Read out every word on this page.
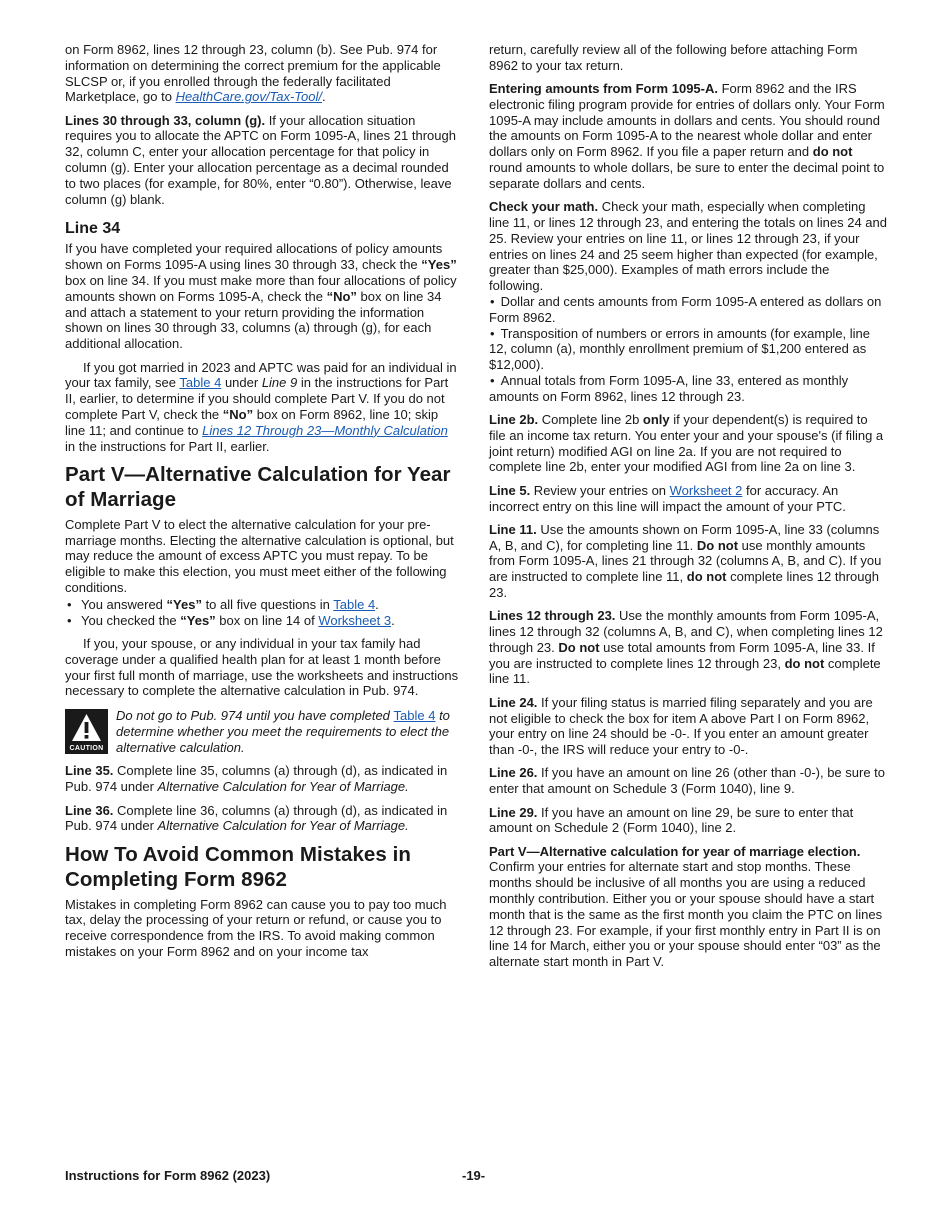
on Form 8962, lines 12 through 23, column (b). See Pub. 974 for information on determining the correct premium for the applicable SLCSP or, if you enrolled through the federally facilitated Marketplace, go to HealthCare.gov/Tax-Tool/.

Lines 30 through 33, column (g). If your allocation situation requires you to allocate the APTC on Form 1095-A, lines 21 through 32, column C, enter your allocation percentage for that policy in column (g). Enter your allocation percentage as a decimal rounded to two places (for example, for 80%, enter “0.80”). Otherwise, leave column (g) blank.

Line 34

If you have completed your required allocations of policy amounts shown on Forms 1095-A using lines 30 through 33, check the “Yes” box on line 34. If you must make more than four allocations of policy amounts shown on Forms 1095-A, check the “No” box on line 34 and attach a statement to your return providing the information shown on lines 30 through 33, columns (a) through (g), for each additional allocation.

If you got married in 2023 and APTC was paid for an individual in your tax family, see Table 4 under Line 9 in the instructions for Part II, earlier, to determine if you should complete Part V. If you do not complete Part V, check the “No” box on Form 8962, line 10; skip line 11; and continue to Lines 12 Through 23—Monthly Calculation in the instructions for Part II, earlier.

Part V—Alternative Calculation for Year of Marriage

Complete Part V to elect the alternative calculation for your pre-marriage months. Electing the alternative calculation is optional, but may reduce the amount of excess APTC you must repay. To be eligible to make this election, you must meet either of the following conditions.

• You answered “Yes” to all five questions in Table 4.
• You checked the “Yes” box on line 14 of Worksheet 3.

If you, your spouse, or any individual in your tax family had coverage under a qualified health plan for at least 1 month before your first full month of marriage, use the worksheets and instructions necessary to complete the alternative calculation in Pub. 974.

CAUTION

Do not go to Pub. 974 until you have completed Table 4 to determine whether you meet the requirements to elect the alternative calculation.

Line 35. Complete line 35, columns (a) through (d), as indicated in Pub. 974 under Alternative Calculation for Year of Marriage.

Line 36. Complete line 36, columns (a) through (d), as indicated in Pub. 974 under Alternative Calculation for Year of Marriage.

How To Avoid Common Mistakes in Completing Form 8962

Mistakes in completing Form 8962 can cause you to pay too much tax, delay the processing of your return or refund, or cause you to receive correspondence from the IRS. To avoid making common mistakes on your Form 8962 and on your income tax

return, carefully review all of the following before attaching Form 8962 to your tax return.

Entering amounts from Form 1095-A. Form 8962 and the IRS electronic filing program provide for entries of dollars only. Your Form 1095-A may include amounts in dollars and cents. You should round the amounts on Form 1095-A to the nearest whole dollar and enter dollars only on Form 8962. If you file a paper return and do not round amounts to whole dollars, be sure to enter the decimal point to separate dollars and cents.

Check your math. Check your math, especially when completing line 11, or lines 12 through 23, and entering the totals on lines 24 and 25. Review your entries on line 11, or lines 12 through 23, if your entries on lines 24 and 25 seem higher than expected (for example, greater than $25,000). Examples of math errors include the following.

• Dollar and cents amounts from Form 1095-A entered as dollars on Form 8962.
• Transposition of numbers or errors in amounts (for example, line 12, column (a), monthly enrollment premium of $1,200 entered as $12,000).
• Annual totals from Form 1095-A, line 33, entered as monthly amounts on Form 8962, lines 12 through 23.

Line 2b. Complete line 2b only if your dependent(s) is required to file an income tax return. You enter your and your spouse's (if filing a joint return) modified AGI on line 2a. If you are not required to complete line 2b, enter your modified AGI from line 2a on line 3.

Line 5. Review your entries on Worksheet 2 for accuracy. An incorrect entry on this line will impact the amount of your PTC.

Line 11. Use the amounts shown on Form 1095-A, line 33 (columns A, B, and C), for completing line 11. Do not use monthly amounts from Form 1095-A, lines 21 through 32 (columns A, B, and C). If you are instructed to complete line 11, do not complete lines 12 through 23.

Lines 12 through 23. Use the monthly amounts from Form 1095-A, lines 12 through 32 (columns A, B, and C), when completing lines 12 through 23. Do not use total amounts from Form 1095-A, line 33. If you are instructed to complete lines 12 through 23, do not complete line 11.

Line 24. If your filing status is married filing separately and you are not eligible to check the box for item A above Part I on Form 8962, your entry on line 24 should be -0-. If you enter an amount greater than -0-, the IRS will reduce your entry to -0-.

Line 26. If you have an amount on line 26 (other than -0-), be sure to enter that amount on Schedule 3 (Form 1040), line 9.

Line 29. If you have an amount on line 29, be sure to enter that amount on Schedule 2 (Form 1040), line 2.

Part V—Alternative calculation for year of marriage election. Confirm your entries for alternate start and stop months. These months should be inclusive of all months you are using a reduced monthly contribution. Either you or your spouse should have a start month that is the same as the first month you claim the PTC on lines 12 through 23. For example, if your first monthly entry in Part II is on line 14 for March, either you or your spouse should enter “03” as the alternate start month in Part V.

Instructions for Form 8962 (2023)	-19-
